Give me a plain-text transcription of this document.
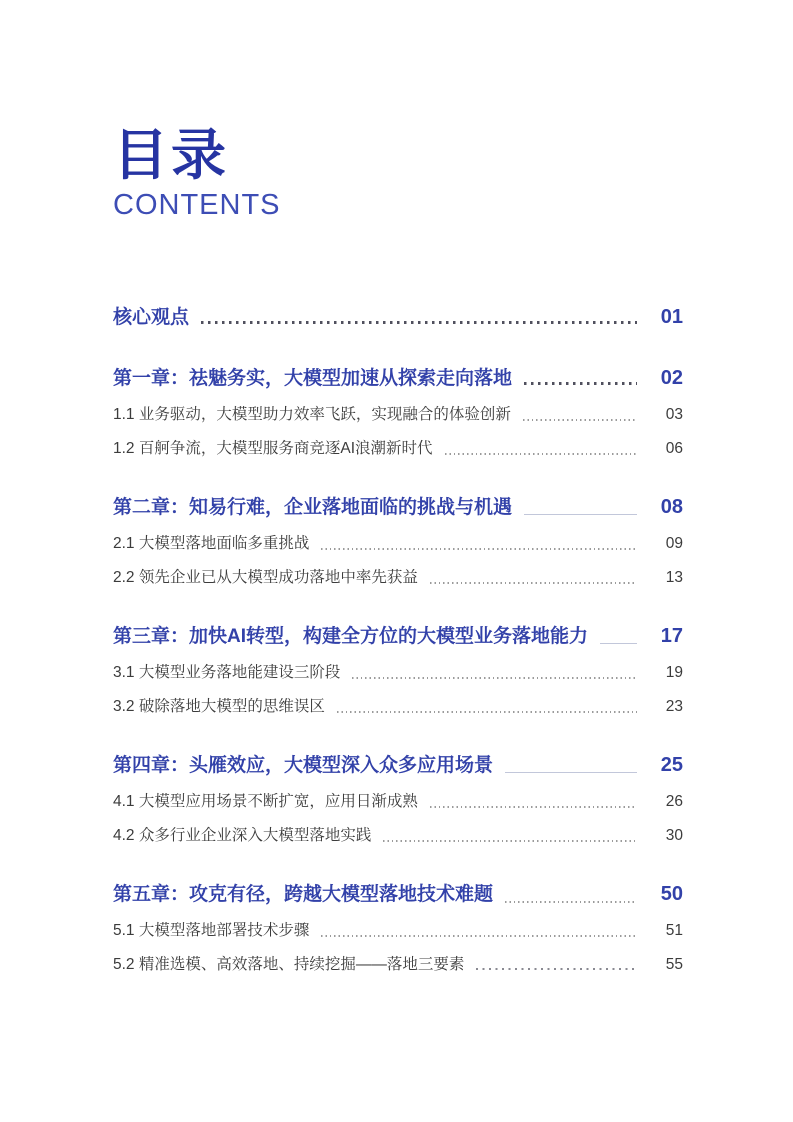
目录
CONTENTS
核心观点	01
第一章：祛魅务实，大模型加速从探索走向落地	02
1.1 业务驱动，大模型助力效率飞跃，实现融合的体验创新	03
1.2 百舸争流，大模型服务商竞逐AI浪潮新时代	06
第二章：知易行难，企业落地面临的挑战与机遇	08
2.1 大模型落地面临多重挑战	09
2.2 领先企业已从大模型成功落地中率先获益	13
第三章：加快AI转型，构建全方位的大模型业务落地能力	17
3.1 大模型业务落地能建设三阶段	19
3.2 破除落地大模型的思维误区	23
第四章：头雁效应，大模型深入众多应用场景	25
4.1 大模型应用场景不断扩宽，应用日渐成熟	26
4.2 众多行业企业深入大模型落地实践	30
第五章：攻克有径，跨越大模型落地技术难题	50
5.1 大模型落地部署技术步骤	51
5.2 精准选模、高效落地、持续挖掘——落地三要素	55
